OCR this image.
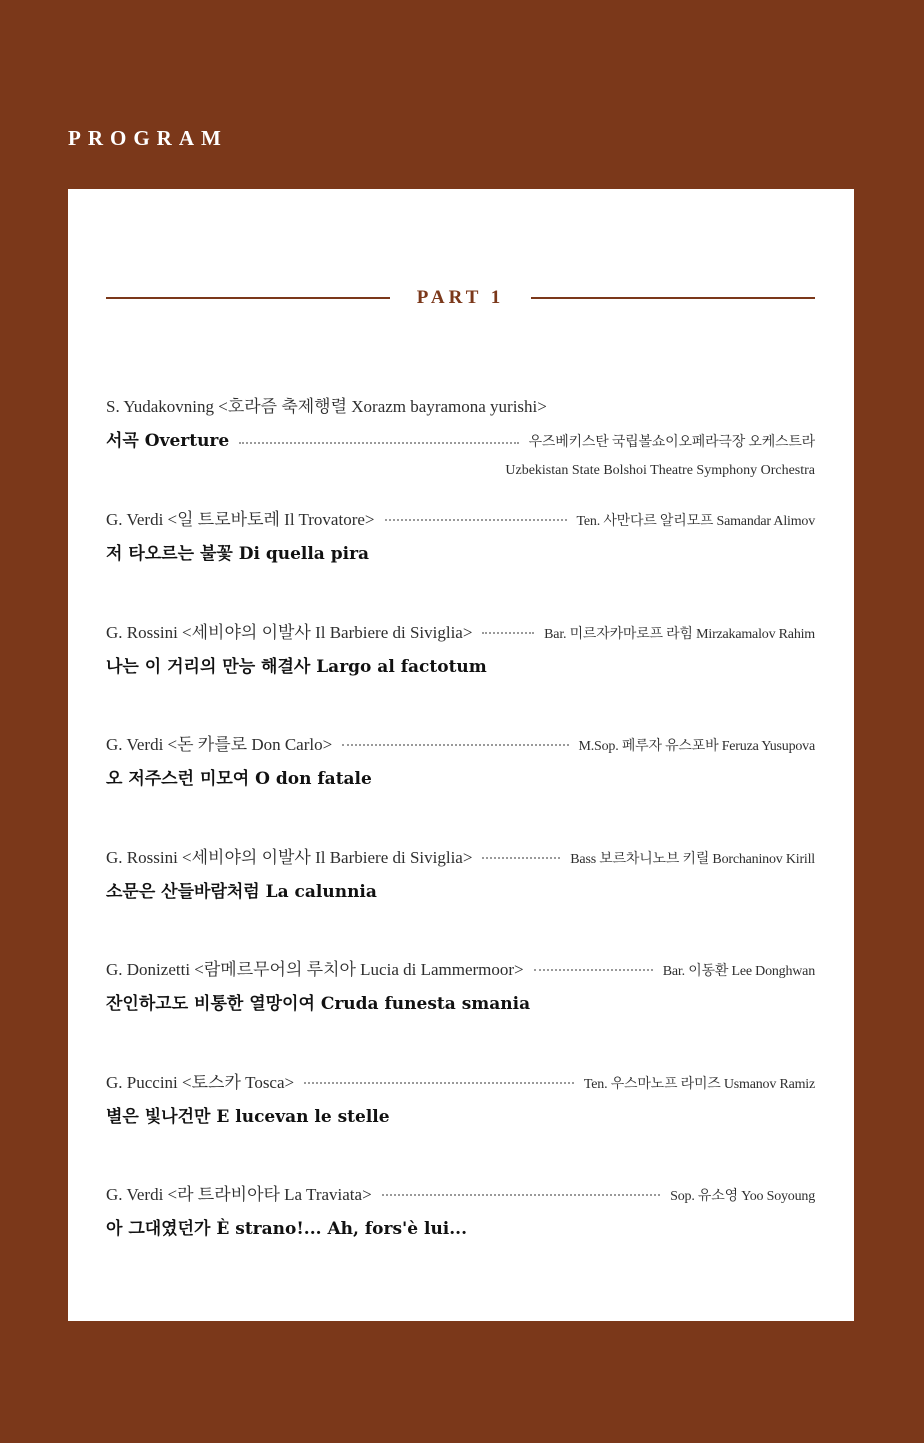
PROGRAM
PART 1
S. Yudakovning <호라즘 축제행렬 Xorazm bayramona yurishi>
서곡 Overture	우즈베키스탄 국립볼쇼이오페라극장 오케스트라
Uzbekistan State Bolshoi Theatre Symphony Orchestra
G. Verdi <일 트로바토레 Il Trovatore>	Ten. 사만다르 알리모프 Samandar Alimov
저 타오르는 불꽃 Di quella pira
G. Rossini <세비야의 이발사 Il Barbiere di Siviglia>	Bar. 미르자카마로프 라힘 Mirzakamalov Rahim
나는 이 거리의 만능 해결사 Largo al factotum
G. Verdi <돈 카를로 Don Carlo>	M.Sop. 페루자 유스포바 Feruza Yusupova
오 저주스런 미모여 O don fatale
G. Rossini <세비야의 이발사 Il Barbiere di Siviglia>	Bass 보르차니노브 키릴 Borchaninov Kirill
소문은 산들바람처럼 La calunnia
G. Donizetti <람메르무어의 루치아 Lucia di Lammermoor>	Bar. 이동환 Lee Donghwan
잔인하고도 비통한 열망이여 Cruda funesta smania
G. Puccini <토스카 Tosca>	Ten. 우스마노프 라미즈 Usmanov Ramiz
별은 빛나건만 E lucevan le stelle
G. Verdi <라 트라비아타 La Traviata>	Sop. 유소영 Yoo Soyoung
아 그대였던가 È strano!... Ah, fors'è lui...
